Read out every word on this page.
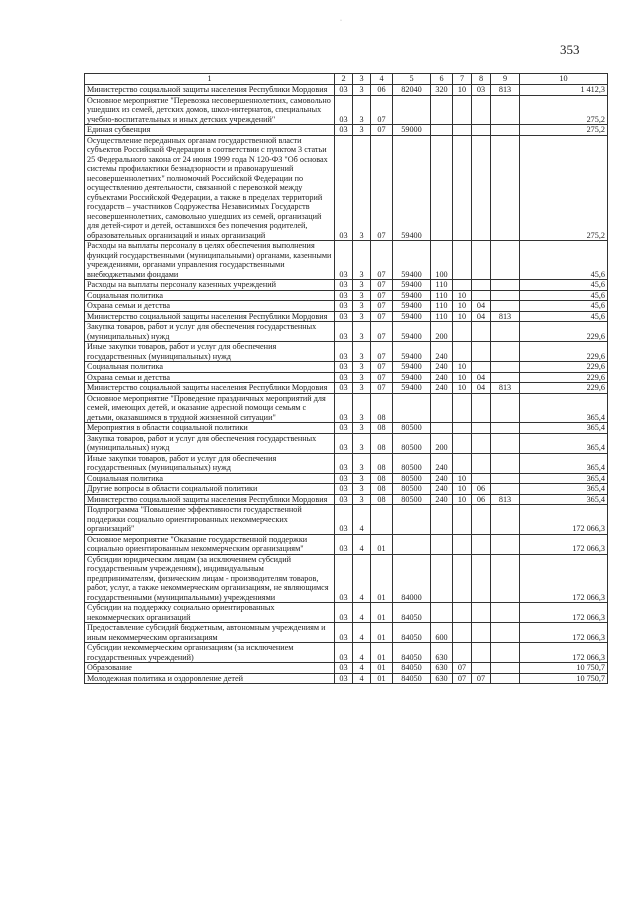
·
353
1	2	3	4	5	6	7	8	9	10
Министерство социальной защиты населения Республики Мордовия	03	3	06	82040	320	10	03	813	1 412,3
Основное мероприятие "Перевозка несовершеннолетних, самовольно ушедших из семей, детских домов, школ-интернатов, специальных учебно-воспитательных и иных детских учреждений"	03	3	07						275,2
Единая субвенция	03	3	07	59000					275,2
Осуществление переданных органам государственной власти субъектов Российской Федерации в соответствии с пунктом 3 статьи 25 Федерального закона от 24 июня 1999 года N 120-ФЗ "Об основах системы профилактики безнадзорности и правонарушений несовершеннолетних" полномочий Российской Федерации по осуществлению деятельности, связанной с перевозкой между субъектами Российской Федерации, а также в пределах территорий государств – участников Содружества Независимых Государств несовершеннолетних, самовольно ушедших из семей, организаций для детей-сирот и детей, оставшихся без попечения родителей, образовательных организаций и иных организаций	03	3	07	59400					275,2
Расходы на выплаты персоналу в целях обеспечения выполнения функций государственными (муниципальными) органами, казенными учреждениями, органами управления государственными внебюджетными фондами	03	3	07	59400	100				45,6
Расходы на выплаты персоналу казенных учреждений	03	3	07	59400	110				45,6
Социальная политика	03	3	07	59400	110	10			45,6
Охрана семьи и детства	03	3	07	59400	110	10	04		45,6
Министерство социальной защиты населения Республики Мордовия	03	3	07	59400	110	10	04	813	45,6
Закупка товаров, работ и услуг для обеспечения государственных (муниципальных) нужд	03	3	07	59400	200				229,6
Иные закупки товаров, работ и услуг для обеспечения государственных (муниципальных) нужд	03	3	07	59400	240				229,6
Социальная политика	03	3	07	59400	240	10			229,6
Охрана семьи и детства	03	3	07	59400	240	10	04		229,6
Министерство социальной защиты населения Республики Мордовия	03	3	07	59400	240	10	04	813	229,6
Основное мероприятие "Проведение праздничных мероприятий для семей, имеющих детей, и оказание адресной помощи семьям с детьми, оказавшимся в трудной жизненной ситуации"	03	3	08						365,4
Мероприятия в области социальной политики	03	3	08	80500					365,4
Закупка товаров, работ и услуг для обеспечения государственных (муниципальных) нужд	03	3	08	80500	200				365,4
Иные закупки товаров, работ и услуг для обеспечения государственных (муниципальных) нужд	03	3	08	80500	240				365,4
Социальная политика	03	3	08	80500	240	10			365,4
Другие вопросы в области социальной политики	03	3	08	80500	240	10	06		365,4
Министерство социальной защиты населения Республики Мордовия	03	3	08	80500	240	10	06	813	365,4
Подпрограмма "Повышение эффективности государственной поддержки социально ориентированных некоммерческих организаций"	03	4							172 066,3
Основное мероприятие "Оказание государственной поддержки социально ориентированным некоммерческим организациям"	03	4	01						172 066,3
Субсидии юридическим лицам (за исключением субсидий государственным учреждениям), индивидуальным предпринимателям, физическим лицам - производителям товаров, работ, услуг, а также некоммерческим организациям, не являющимся государственными (муниципальными) учреждениями	03	4	01	84000					172 066,3
Субсидии на поддержку социально ориентированных некоммерческих организаций	03	4	01	84050					172 066,3
Предоставление субсидий бюджетным, автономным учреждениям и иным некоммерческим организациям	03	4	01	84050	600				172 066,3
Субсидии некоммерческим организациям (за исключением государственных учреждений)	03	4	01	84050	630				172 066,3
Образование	03	4	01	84050	630	07			10 750,7
Молодежная политика и оздоровление детей	03	4	01	84050	630	07	07		10 750,7
